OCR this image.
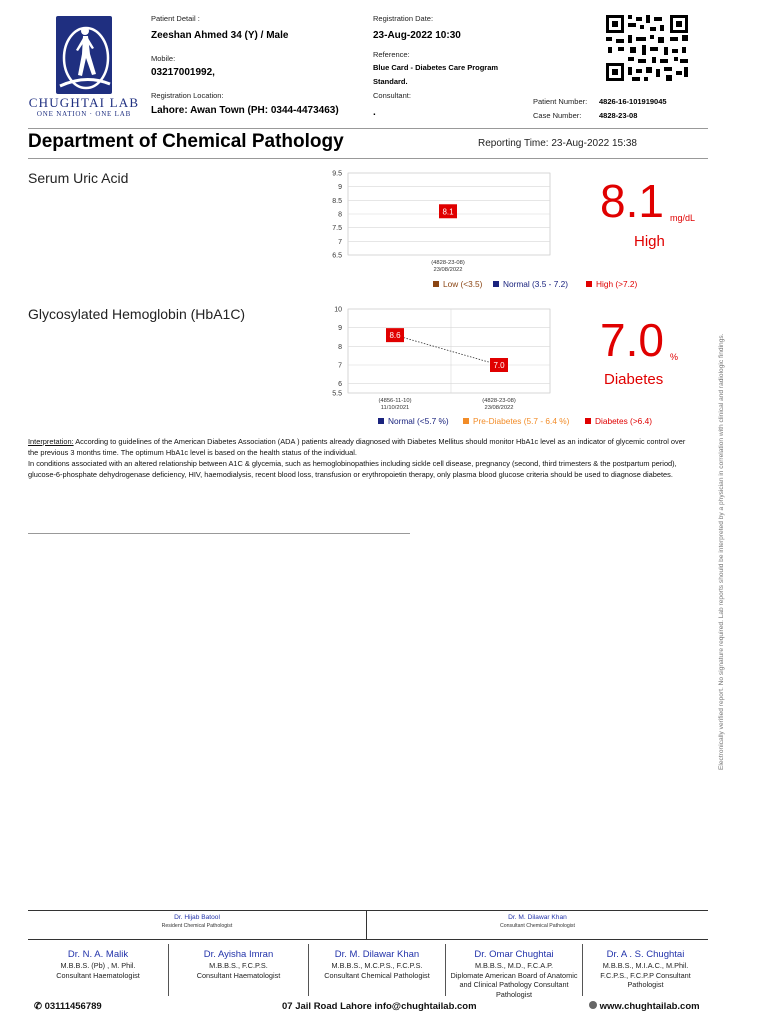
CHUGHTAI LAB
ONE NATION · ONE LAB
Patient Detail :
Zeeshan Ahmed 34 (Y) / Male
Mobile:
03217001992,
Registration Location:
Lahore: Awan Town (PH: 0344-4473463)
Registration Date:
23-Aug-2022 10:30
Reference:
Blue Card - Diabetes Care Program
Standard.
Consultant:
.
Patient Number: 4826-16-101919045
Case Number: 4828-23-08
Department of Chemical Pathology	Reporting Time: 23-Aug-2022 15:38
Serum Uric Acid	9.5
9
8.5
8
7.5
7
6.5
8.1
(4828-23-08)
23/08/2022
Low (<3.5) Normal (3.5 - 7.2)	High (>7.2)
8.1 mg/dL
High
Glycosylated Hemoglobin (HbA1C)	10
9
8
7
6
5.5
8.6
7.0
(4856-11-10)
11/10/2021
(4828-23-08)
23/08/2022
Normal (<5.7 %)	Pre-Diabetes (5.7 - 6.4 %)	Diabetes (>6.4)
7.0 %
Diabetes
Interpretation: According to guidelines of the American Diabetes Association (ADA ) patients already diagnosed with Diabetes Mellitus should monitor HbA1c level as an indicator of glycemic control over the previous 3 months time. The optimum HbA1c level is based on the health status of the individual.
In conditions associated with an altered relationship between A1C & glycemia, such as hemoglobinopathies including sickle cell disease, pregnancy (second, third trimesters & the postpartum period), glucose-6-phosphate dehydrogenase deficiency, HIV, haemodialysis, recent blood loss, transfusion or erythropoietin therapy, only plasma blood glucose criteria should be used to diagnose diabetes.	Electronically verified report. No signature required. Lab reports should be interpreted by a physician in correlation with clinical and radiologic findings.
Dr. Hijab Batool
Resident Chemical Pathologist
Dr. M. Dilawar Khan
Consultant Chemical Pathologist
Dr. N. A. Malik
M.B.B.S. (Pb) , M. Phil.
Consultant Haematologist
Dr. Ayisha Imran
M.B.B.S., F.C.P.S.
Consultant Haematologist
Dr. M. Dilawar Khan
M.B.B.S., M.C.P.S., F.C.P.S.
Consultant Chemical Pathologist
Dr. Omar Chughtai
M.B.B.S., M.D., F.C.A.P.
Diplomate American Board of Anatomic
and Clinical Pathology Consultant Pathologist
Dr. A . S. Chughtai
M.B.B.S., M.I.A.C., M.Phil.
F.C.P.S., F.C.P.P Consultant Pathologist
✆ 03111456789	07 Jail Road Lahore info@chughtailab.com	www.chughtailab.com
